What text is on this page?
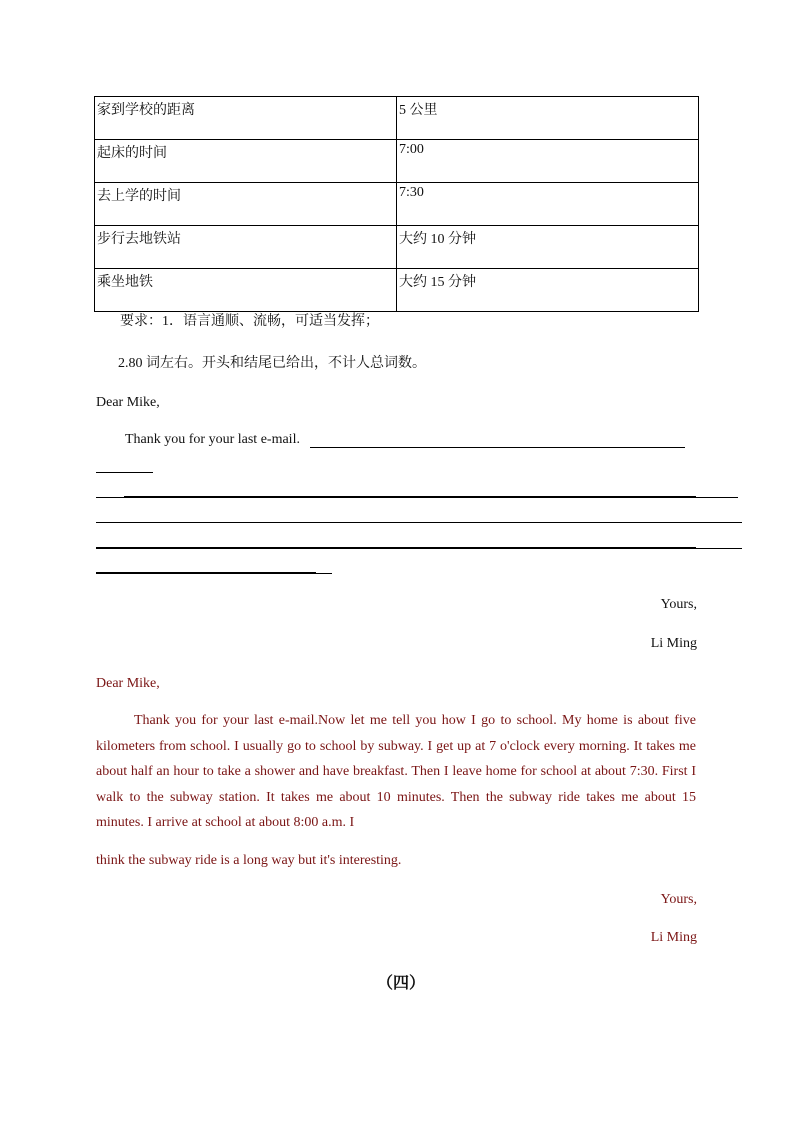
家到学校的距离	5 公里
起床的时间	7:00
去上学的时间	7:30
步行去地铁站	大约 10 分钟
乘坐地铁	大约 15 分钟
要求：1．语言通顺、流畅，可适当发挥；
2.80 词左右。开头和结尾已给出，不计人总词数。
Dear Mike,
Thank you for your last e-mail.
Yours,
Li Ming
Dear Mike,
Thank you for your last e-mail.Now let me tell you how I go to school. My home is about five kilometers from school. I usually go to school by subway. I get up at 7 o'clock every morning. It takes me about half an hour to take a shower and have breakfast. Then I leave home for school at about 7:30. First I walk to the subway station. It takes me about 10 minutes. Then the subway ride takes me about 15 minutes. I arrive at school at about 8:00 a.m. I
think the subway ride is a long way but it's interesting.
Yours,
Li Ming
（四）
